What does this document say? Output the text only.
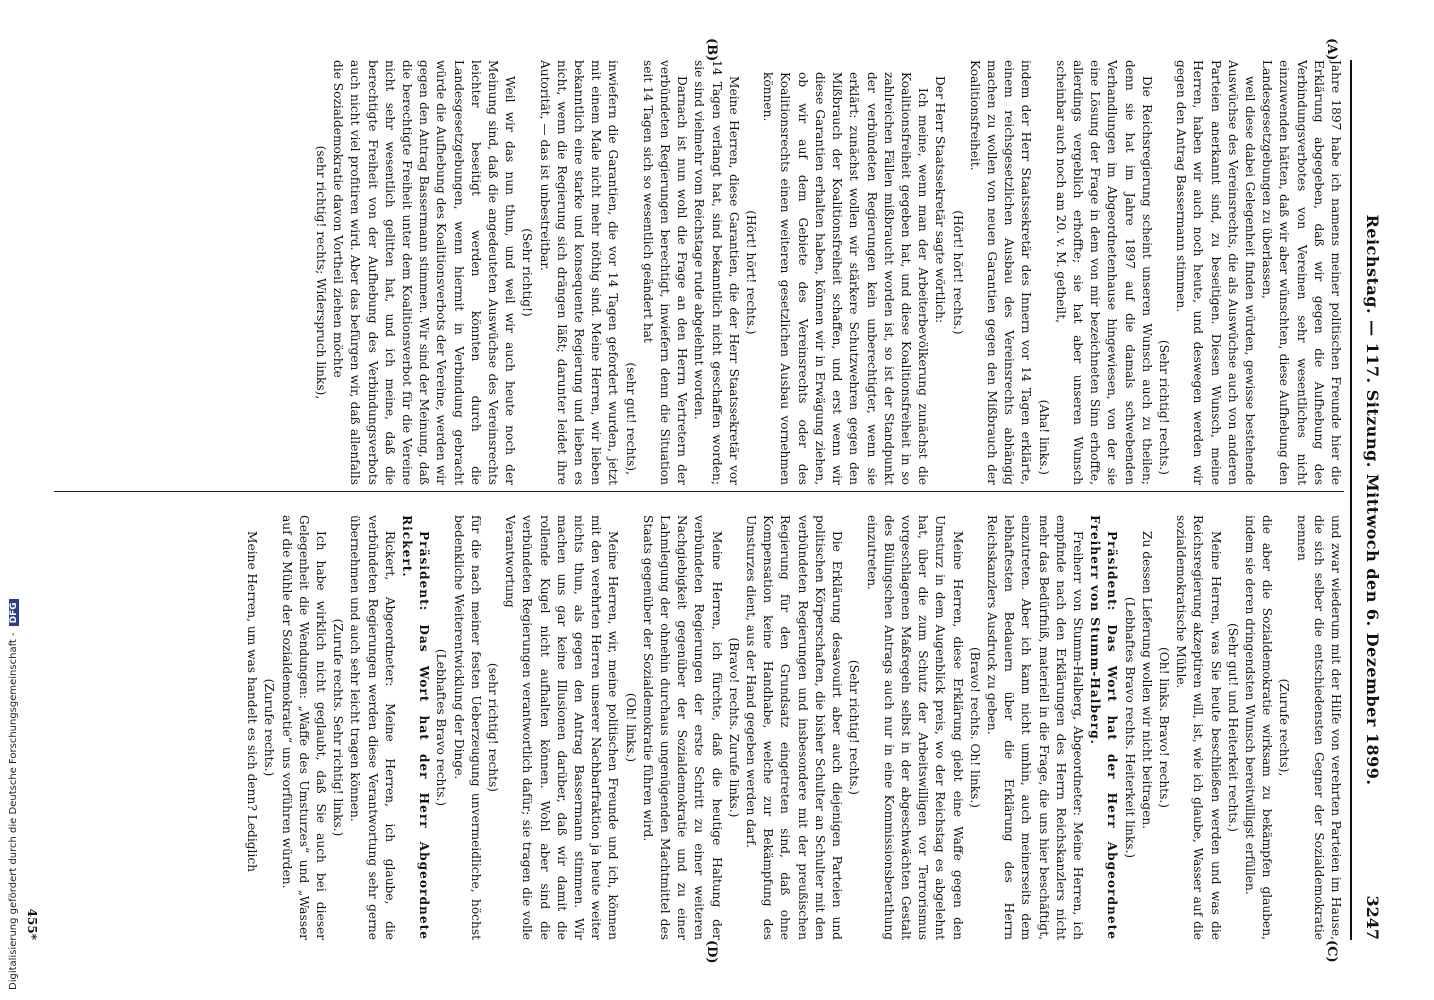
Reichstag. — 117. Sitzung. Mittwoch den 6. Dezember 1899.
3247
(A)
(B)
(C)
(D)

Jahre 1897 habe ich namens meiner politischen Freunde hier die Erklärung abgegeben, daß wir gegen die Aufhebung des Verbindungsverbotes von Vereinen sehr wesentliches nicht einzuwenden hätten, daß wir aber wünschten, diese Aufhebung den Landesgesetzgebungen zu überlassen,

weil diese dabei Gelegenheit finden würden, gewisse bestehende Auswüchse des Vereinsrechts, die als Auswüchse auch von anderen Parteien anerkannt sind, zu beseitigen. Diesen Wunsch, meine Herren, haben wir auch noch heute, und deswegen werden wir gegen den Antrag Bassermann stimmen.

(Sehr richtig! rechts.)

Die Reichsregierung scheint unseren Wunsch auch zu theilen; denn sie hat im Jahre 1897 auf die damals schwebenden Verhandlungen im Abgeordnetenhause hingewiesen, von der sie eine Lösung der Frage in dem von mir bezeichneten Sinn erhoffte, allerdings vergeblich erhoffte; sie hat aber unseren Wunsch scheinbar auch noch am 20. v. M. getheilt,

(Aha! links.)

indem der Herr Staatssekretär des Innern vor 14 Tagen erklärte, einem reichsgesetzlichen Ausbau des Vereinsrechts abhängig machen zu wollen von neuen Garantien gegen den Mißbrauch der Koalitionsfreiheit.

(Hört! hört! rechts.)

Der Herr Staatssekretär sagte wörtlich:

Ich meine, wenn man der Arbeiterbevölkerung zunächst die Koalitionsfreiheit gegeben hat, und diese Koalitionsfreiheit in so zahlreichen Fällen mißbraucht worden ist, so ist der Standpunkt der verbündeten Regierungen kein unberechtigter, wenn sie erklärt: zunächst wollen wir stärkere Schutzwehren gegen den Mißbrauch der Koalitionsfreiheit schaffen, und erst wenn wir diese Garantien erhalten haben, können wir in Erwägung ziehen, ob wir auf dem Gebiete des Vereinsrechts oder des Koalitionsrechts einen weiteren gesetzlichen Ausbau vornehmen können.

(Hört! hört! rechts.)

Meine Herren, diese Garantien, die der Herr Staatssekretär vor 14 Tagen verlangt hat, sind bekanntlich nicht geschaffen worden; sie sind vielmehr vom Reichstage rude abgelehnt worden.

Darnach ist nun wohl die Frage an den Herrn Vertretern der verbündeten Regierungen berechtigt, inwiefern denn die Situation seit 14 Tagen sich so wesentlich geändert hat

(sehr gut! rechts),

inwiefern die Garantien, die vor 14 Tagen gefordert wurden, jetzt mit einem Male nicht mehr nöthig sind. Meine Herren, wir lieben bekanntlich eine starke und konsequente Regierung und lieben es nicht, wenn die Regierung sich drängen läßt; darunter leidet ihre Autorität, — das ist unbestreitbar.

(Sehr richtig!)

Weil wir das nun thun, und weil wir auch heute noch der Meinung sind, daß die angedeuteten Auswüchse des Vereinsrechts leichter beseitigt werden könnten durch die Landesgesetzgebungen, wenn hiermit in Verbindung gebracht würde die Aufhebung des Koalitionsverbots der Vereine, werden wir gegen den Antrag Bassermann stimmen. Wir sind der Meinung, daß die berechtigte Freiheit unter dem Koalitionsverbot für die Vereine nicht sehr wesentlich gelitten hat, und ich meine, daß die berechtigte Freiheit von der Aufhebung des Verbindungsverbots auch nicht viel profitiren wird. Aber das befürgen wir, daß allenfalls die Sozialdemokratie davon Vortheil ziehen möchte

(sehr richtig! rechts; Widerspruch links),

und zwar wiederum mit der Hilfe von verehrten Parteien im Hause, die sich selber die entschiedensten Gegner der Sozialdemokratie nennen

(Zurufe rechts),

die aber die Sozialdemokratie wirksam zu bekämpfen glauben, indem sie deren dringendsten Wunsch bereitwilligst erfüllen.

(Sehr gut! und Heiterkeit rechts.)

Meine Herren, was Sie heute beschließen werden und was die Reichsregierung akzeptiren will, ist, wie ich glaube, Wasser auf die sozialdemokratische Mühle.

(Oh! links. Bravo! rechts.)

Zu dessen Lieferung wollen wir nicht beitragen.

(Lebhaftes Bravo rechts. Heiterkeit links.)

Präsident: Das Wort hat der Herr Abgeordnete Freiherr von Stumm-Halberg.

Freiherr von Stumm-Halberg, Abgeordneter: Meine Herren, ich empfinde nach den Erklärungen des Herrn Reichskanzlers nicht mehr das Bedürfniß, materiell in die Frage, die uns hier beschäftigt, einzutreten. Aber ich kann nicht umhin, auch meinerseits dem lebhaftesten Bedauern über die Erklärung des Herrn Reichskanzlers Ausdruck zu geben.

(Bravo! rechts. Oh! links.)

Meine Herren, diese Erklärung giebt eine Waffe gegen den Umsturz in dem Augenblick preis, wo der Reichstag es abgelehnt hat, über die zum Schutz der Arbeitswilligen vor Terrorismus vorgeschlagenen Maßregeln selbst in der abgeschwächten Gestalt des Bülingschen Antrags auch nur in eine Kommissionsberathung einzutreten.

(Sehr richtig! rechts.)

Die Erklärung desavouirt aber auch diejenigen Parteien und politischen Körperschaften, die bisher Schulter an Schulter mit den verbündeten Regierungen und insbesondere mit der preußischen Regierung für den Grundsatz eingetreten sind, daß ohne Kompensation keine Handhabe, welche zur Bekämpfung des Umsturzes dient, aus der Hand gegeben werden darf.

(Bravo! rechts. Zurufe links.)

Meine Herren, ich fürchte, daß die heutige Haltung der verbündeten Regierungen der erste Schritt zu einer weiteren Nachgiebigkeit gegenüber der Sozialdemokratie und zu einer Lahmlegung der ohnehin durchaus ungenügenden Machtmittel des Staats gegenüber der Sozialdemokratie führen wird.

(Oh! links.)

Meine Herren, wir, meine politischen Freunde und ich, können mit den verehrten Herren unserer Nachbarfraktion ja heute weiter nichts thun, als gegen den Antrag Bassermann stimmen. Wir machen uns gar keine Illusionen darüber, daß wir damit die rollende Kugel nicht aufhalten können. Wohl aber sind die verbündeten Regierungen verantwortlich dafür; sie tragen die volle Verantwortung

(sehr richtig! rechts)

für die nach meiner festen Ueberzeugung unvermeidliche, höchst bedenkliche Weiterentwicklung der Dinge.

(Lebhaftes Bravo rechts.)

Präsident: Das Wort hat der Herr Abgeordnete Rickert.

Rickert, Abgeordneter: Meine Herren, ich glaube, die verbündeten Regierungen werden diese Verantwortung sehr gerne übernehmen und auch sehr leicht tragen können.

(Zurufe rechts. Sehr richtig! links.)

Ich habe wirklich nicht geglaubt, daß Sie auch bei dieser Gelegenheit die Wendungen: „Waffe des Umsturzes“ und „Wasser auf die Mühle der Sozialdemokratie“ uns vorführen würden.

(Zurufe rechts.)

Meine Herren, um was handelt es sich denn? Lediglich

455*
Digitalisierung gefördert durch die Deutsche Forschungsgemeinschaft -DFG
